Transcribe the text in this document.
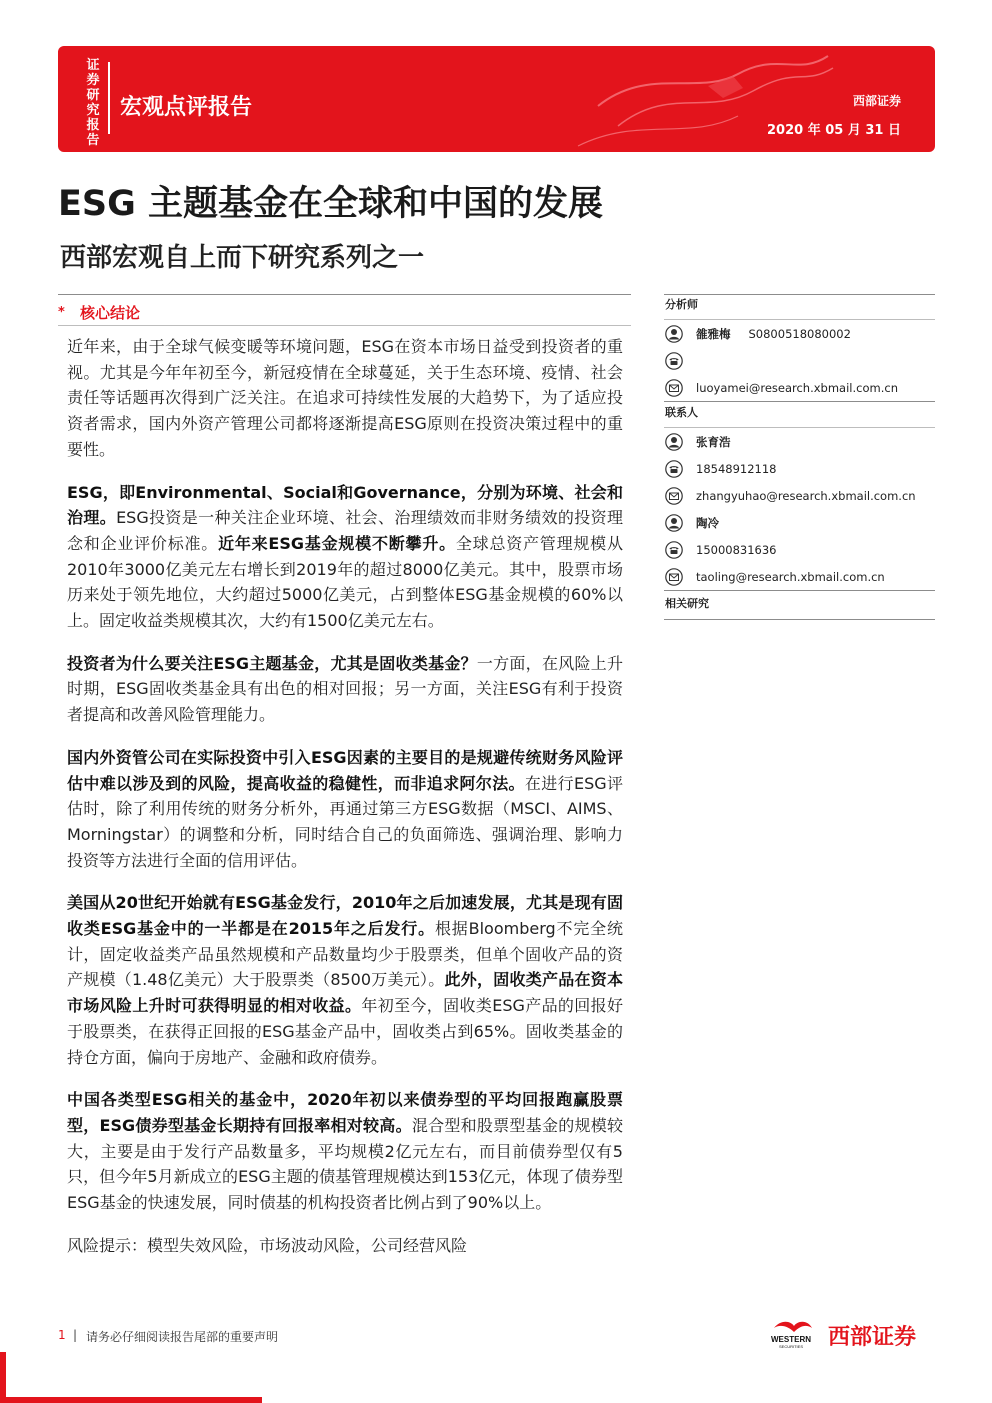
证券研究报告
宏观点评报告	西部证券
2020 年 05 月 31 日
ESG 主题基金在全球和中国的发展
西部宏观自上而下研究系列之一
* 核心结论

近年来，由于全球气候变暖等环境问题，ESG在资本市场日益受到投资者的重视。尤其是今年年初至今，新冠疫情在全球蔓延，关于生态环境、疫情、社会责任等话题再次得到广泛关注。在追求可持续性发展的大趋势下，为了适应投资者需求，国内外资产管理公司都将逐渐提高ESG原则在投资决策过程中的重要性。

ESG，即Environmental、Social和Governance，分别为环境、社会和治理。ESG投资是一种关注企业环境、社会、治理绩效而非财务绩效的投资理念和企业评价标准。近年来ESG基金规模不断攀升。全球总资产管理规模从2010年3000亿美元左右增长到2019年的超过8000亿美元。其中，股票市场历来处于领先地位，大约超过5000亿美元，占到整体ESG基金规模的60%以上。固定收益类规模其次，大约有1500亿美元左右。

投资者为什么要关注ESG主题基金，尤其是固收类基金？一方面，在风险上升时期，ESG固收类基金具有出色的相对回报；另一方面，关注ESG有利于投资者提高和改善风险管理能力。

国内外资管公司在实际投资中引入ESG因素的主要目的是规避传统财务风险评估中难以涉及到的风险，提高收益的稳健性，而非追求阿尔法。在进行ESG评估时，除了利用传统的财务分析外，再通过第三方ESG数据（MSCI、AIMS、Morningstar）的调整和分析，同时结合自己的负面筛选、强调治理、影响力投资等方法进行全面的信用评估。

美国从20世纪开始就有ESG基金发行，2010年之后加速发展，尤其是现有固收类ESG基金中的一半都是在2015年之后发行。根据Bloomberg不完全统计，固定收益类产品虽然规模和产品数量均少于股票类，但单个固收产品的资产规模（1.48亿美元）大于股票类（8500万美元）。此外，固收类产品在资本市场风险上升时可获得明显的相对收益。年初至今，固收类ESG产品的回报好于股票类，在获得正回报的ESG基金产品中，固收类占到65%。固收类基金的持仓方面，偏向于房地产、金融和政府债券。

中国各类型ESG相关的基金中，2020年初以来债券型的平均回报跑赢股票型，ESG债券型基金长期持有回报率相对较高。混合型和股票型基金的规模较大，主要是由于发行产品数量多，平均规模2亿元左右，而目前债券型仅有5只，但今年5月新成立的ESG主题的债基管理规模达到153亿元，体现了债券型ESG基金的快速发展，同时债基的机构投资者比例占到了90%以上。

风险提示：模型失效风险，市场波动风险，公司经营风险

分析师
雒雅梅 S0800518080002
luoyamei@research.xbmail.com.cn
联系人
张育浩
18548912118
zhangyuhao@research.xbmail.com.cn
陶冷
15000831636
taoling@research.xbmail.com.cn
相关研究
1 | 请务必仔细阅读报告尾部的重要声明	WESTERN
SECURITIES 西部证券
